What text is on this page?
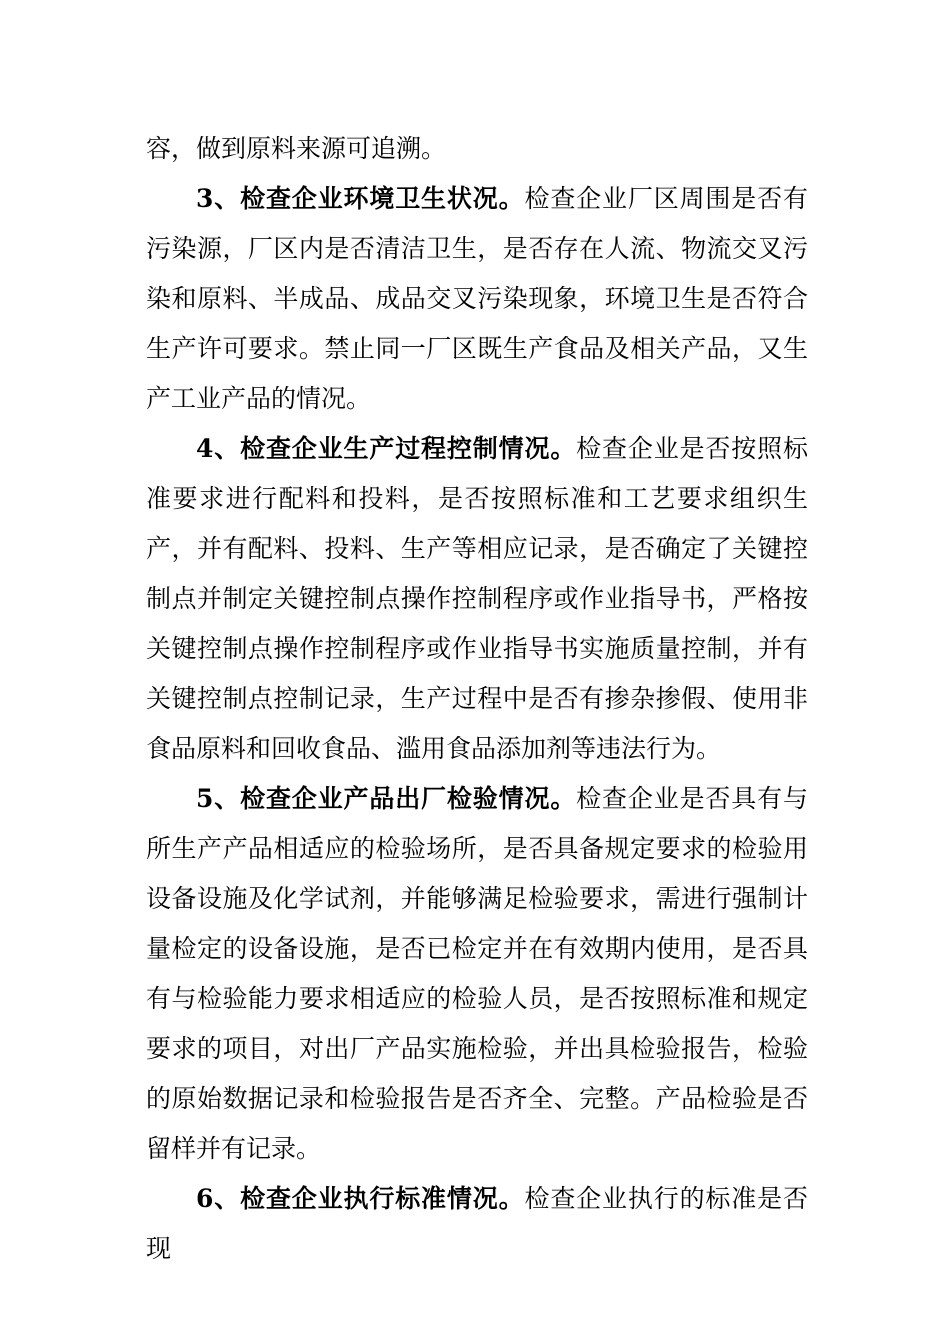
容，做到原料来源可追溯。

3、检查企业环境卫生状况。检查企业厂区周围是否有污染源，厂区内是否清洁卫生，是否存在人流、物流交叉污染和原料、半成品、成品交叉污染现象，环境卫生是否符合生产许可要求。禁止同一厂区既生产食品及相关产品，又生产工业产品的情况。

4、检查企业生产过程控制情况。检查企业是否按照标准要求进行配料和投料，是否按照标准和工艺要求组织生产，并有配料、投料、生产等相应记录，是否确定了关键控制点并制定关键控制点操作控制程序或作业指导书，严格按关键控制点操作控制程序或作业指导书实施质量控制，并有关键控制点控制记录，生产过程中是否有掺杂掺假、使用非食品原料和回收食品、滥用食品添加剂等违法行为。

5、检查企业产品出厂检验情况。检查企业是否具有与所生产产品相适应的检验场所，是否具备规定要求的检验用设备设施及化学试剂，并能够满足检验要求，需进行强制计量检定的设备设施，是否已检定并在有效期内使用，是否具有与检验能力要求相适应的检验人员，是否按照标准和规定要求的项目，对出厂产品实施检验，并出具检验报告，检验的原始数据记录和检验报告是否齐全、完整。产品检验是否留样并有记录。

6、检查企业执行标准情况。检查企业执行的标准是否现
